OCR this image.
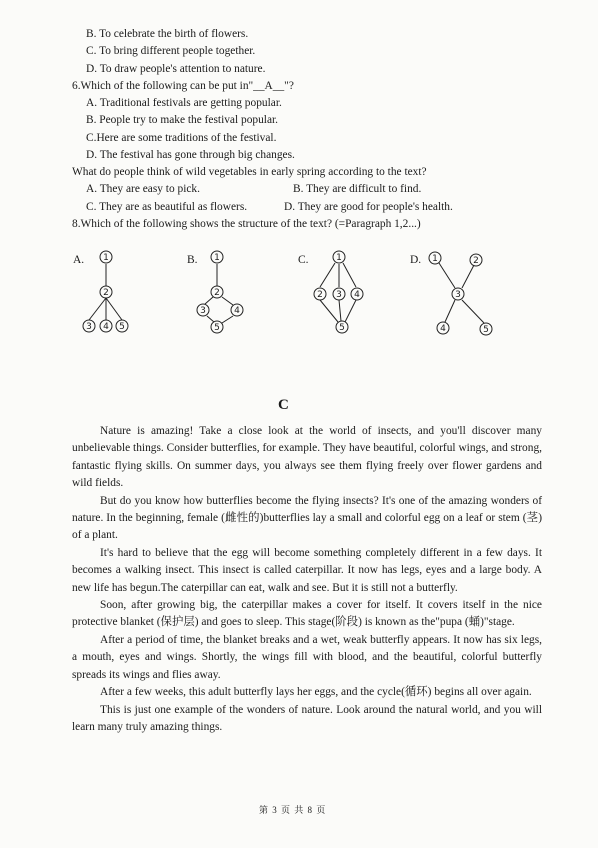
B. To celebrate the birth of flowers.
C. To bring different people together.
D. To draw people's attention to nature.
6.Which of the following can be put in"__A__"?
A. Traditional festivals are getting popular.
B. People try to make the festival popular.
C.Here are some traditions of the festival.
D. The festival has gone through big changes.
What do people think of wild vegetables in early spring according to the text?
A. They are easy to pick.	B. They are difficult to find.
C. They are as beautiful as flowers.	D. They are good for people's health.
8.Which of the following shows the structure of the text? (=Paragraph 1,2...)
A.	B.	C.	D.
1
2
3 4 5
1
2
3	4
5
1
2 3 4
5
1	2
3
4	5
C

Nature is amazing! Take a close look at the world of insects, and you'll discover many unbelievable things. Consider butterflies, for example. They have beautiful, colorful wings, and strong, fantastic flying skills. On summer days, you always see them flying freely over flower gardens and wild fields.

But do you know how butterflies become the flying insects? It's one of the amazing wonders of nature. In the beginning, female (雌性的)butterflies lay a small and colorful egg on a leaf or stem (茎) of a plant.

It's hard to believe that the egg will become something completely different in a few days. It becomes a walking insect. This insect is called caterpillar. It now has legs, eyes and a large body. A new life has begun.The caterpillar can eat, walk and see. But it is still not a butterfly.

Soon, after growing big, the caterpillar makes a cover for itself. It covers itself in the nice protective blanket (保护层) and goes to sleep. This stage(阶段) is known as the"pupa (蛹)"stage.

After a period of time, the blanket breaks and a wet, weak butterfly appears. It now has six legs, a mouth, eyes and wings. Shortly, the wings fill with blood, and the beautiful, colorful butterfly spreads its wings and flies away.

After a few weeks, this adult butterfly lays her eggs, and the cycle(循环) begins all over again.

This is just one example of the wonders of nature. Look around the natural world, and you will learn many truly amazing things.

第 3 页 共 8 页
